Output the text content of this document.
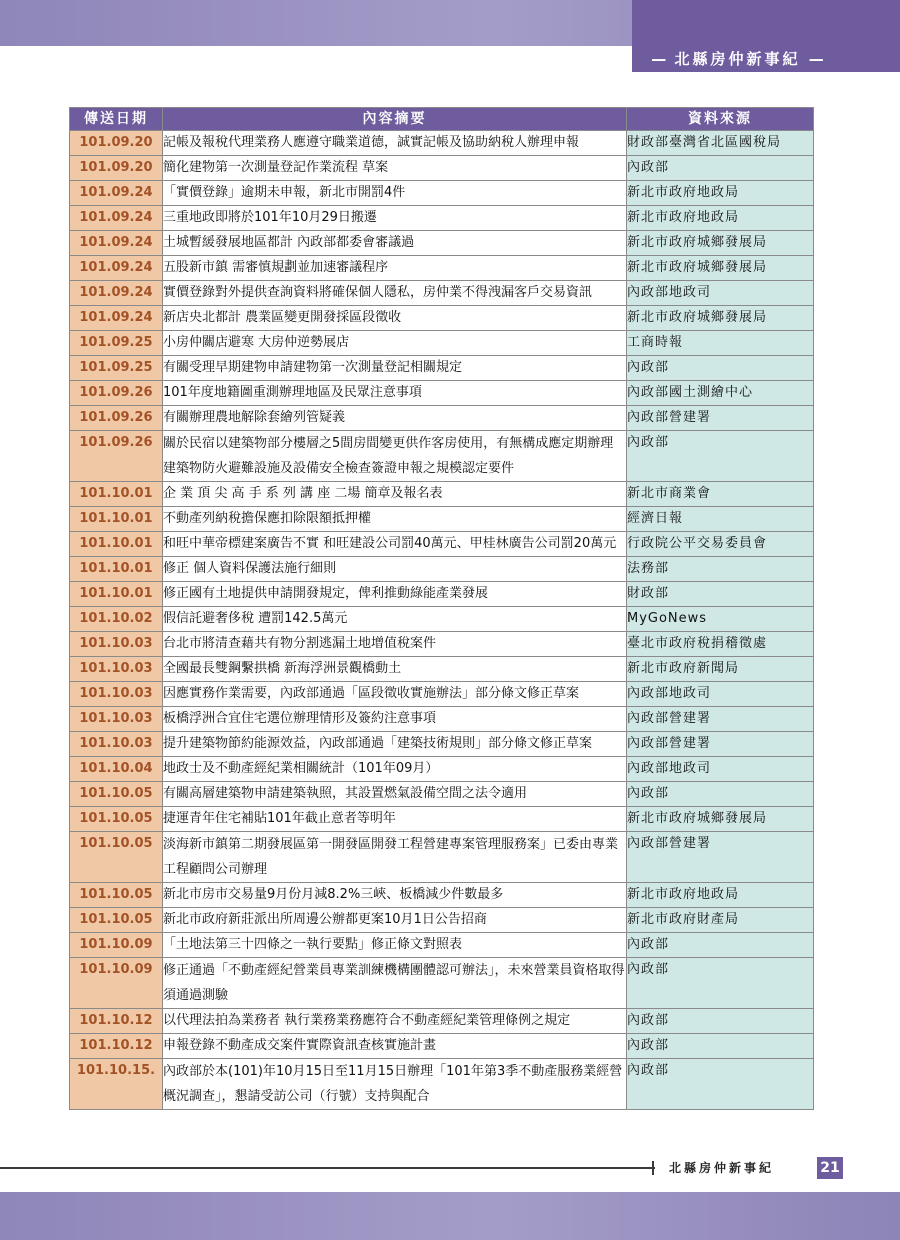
— 北縣房仲新事紀 —
傳送日期	內容摘要	資料來源
101.09.20	記帳及報稅代理業務人應遵守職業道德，誠實記帳及協助納稅人辦理申報	財政部臺灣省北區國稅局
101.09.20	簡化建物第一次測量登記作業流程 草案	內政部
101.09.24	「實價登錄」逾期未申報，新北市開罰4件	新北市政府地政局
101.09.24	三重地政即將於101年10月29日搬遷	新北市政府地政局
101.09.24	土城暫緩發展地區都計 內政部都委會審議過	新北市政府城鄉發展局
101.09.24	五股新市鎮 需審慎規劃並加速審議程序	新北市政府城鄉發展局
101.09.24	實價登錄對外提供查詢資料將確保個人隱私，房仲業不得洩漏客戶交易資訊	內政部地政司
101.09.24	新店央北都計 農業區變更開發採區段徵收	新北市政府城鄉發展局
101.09.25	小房仲關店避寒 大房仲逆勢展店	工商時報
101.09.25	有關受理早期建物申請建物第一次測量登記相關規定	內政部
101.09.26	101年度地籍圖重測辦理地區及民眾注意事項	內政部國土測繪中心
101.09.26	有關辦理農地解除套繪列管疑義	內政部營建署
101.09.26	關於民宿以建築物部分樓層之5間房間變更供作客房使用，有無構成應定期辦理建築物防火避難設施及設備安全檢查簽證申報之規模認定要件	內政部
101.10.01	企 業 頂 尖 高 手 系 列 講 座 二場 簡章及報名表	新北市商業會
101.10.01	不動產列納稅擔保應扣除限額抵押權	經濟日報
101.10.01	和旺中華帝標建案廣告不實 和旺建設公司罰40萬元、甲桂林廣告公司罰20萬元	行政院公平交易委員會
101.10.01	修正 個人資料保護法施行細則	法務部
101.10.01	修正國有土地提供申請開發規定，俾利推動綠能產業發展	財政部
101.10.02	假信託避奢侈稅 遭罰142.5萬元	MyGoNews
101.10.03	台北市將清查藉共有物分割逃漏土地增值稅案件	臺北市政府稅捐稽徵處
101.10.03	全國最長雙鋼繫拱橋 新海浮洲景觀橋動土	新北市政府新聞局
101.10.03	因應實務作業需要，內政部通過「區段徵收實施辦法」部分條文修正草案	內政部地政司
101.10.03	板橋浮洲合宜住宅選位辦理情形及簽約注意事項	內政部營建署
101.10.03	提升建築物節約能源效益，內政部通過「建築技術規則」部分條文修正草案	內政部營建署
101.10.04	地政士及不動產經紀業相關統計（101年09月）	內政部地政司
101.10.05	有關高層建築物申請建築執照，其設置燃氣設備空間之法令適用	內政部
101.10.05	捷運青年住宅補貼101年截止意者等明年	新北市政府城鄉發展局
101.10.05	淡海新市鎮第二期發展區第一開發區開發工程營建專案管理服務案」已委由專業工程顧問公司辦理	內政部營建署
101.10.05	新北市房市交易量9月份月減8.2%三峽、板橋減少件數最多	新北市政府地政局
101.10.05	新北市政府新莊派出所周邊公辦都更案10月1日公告招商	新北市政府財產局
101.10.09	「土地法第三十四條之一執行要點」修正條文對照表	內政部
101.10.09	修正通過「不動產經紀營業員專業訓練機構團體認可辦法」，未來營業員資格取得須通過測驗	內政部
101.10.12	以代理法拍為業務者 執行業務業務應符合不動產經紀業管理條例之規定	內政部
101.10.12	申報登錄不動產成交案件實際資訊查核實施計畫	內政部
101.10.15.	內政部於本(101)年10月15日至11月15日辦理「101年第3季不動產服務業經營概況調查」，懇請受訪公司（行號）支持與配合	內政部
北縣房仲新事紀	21
